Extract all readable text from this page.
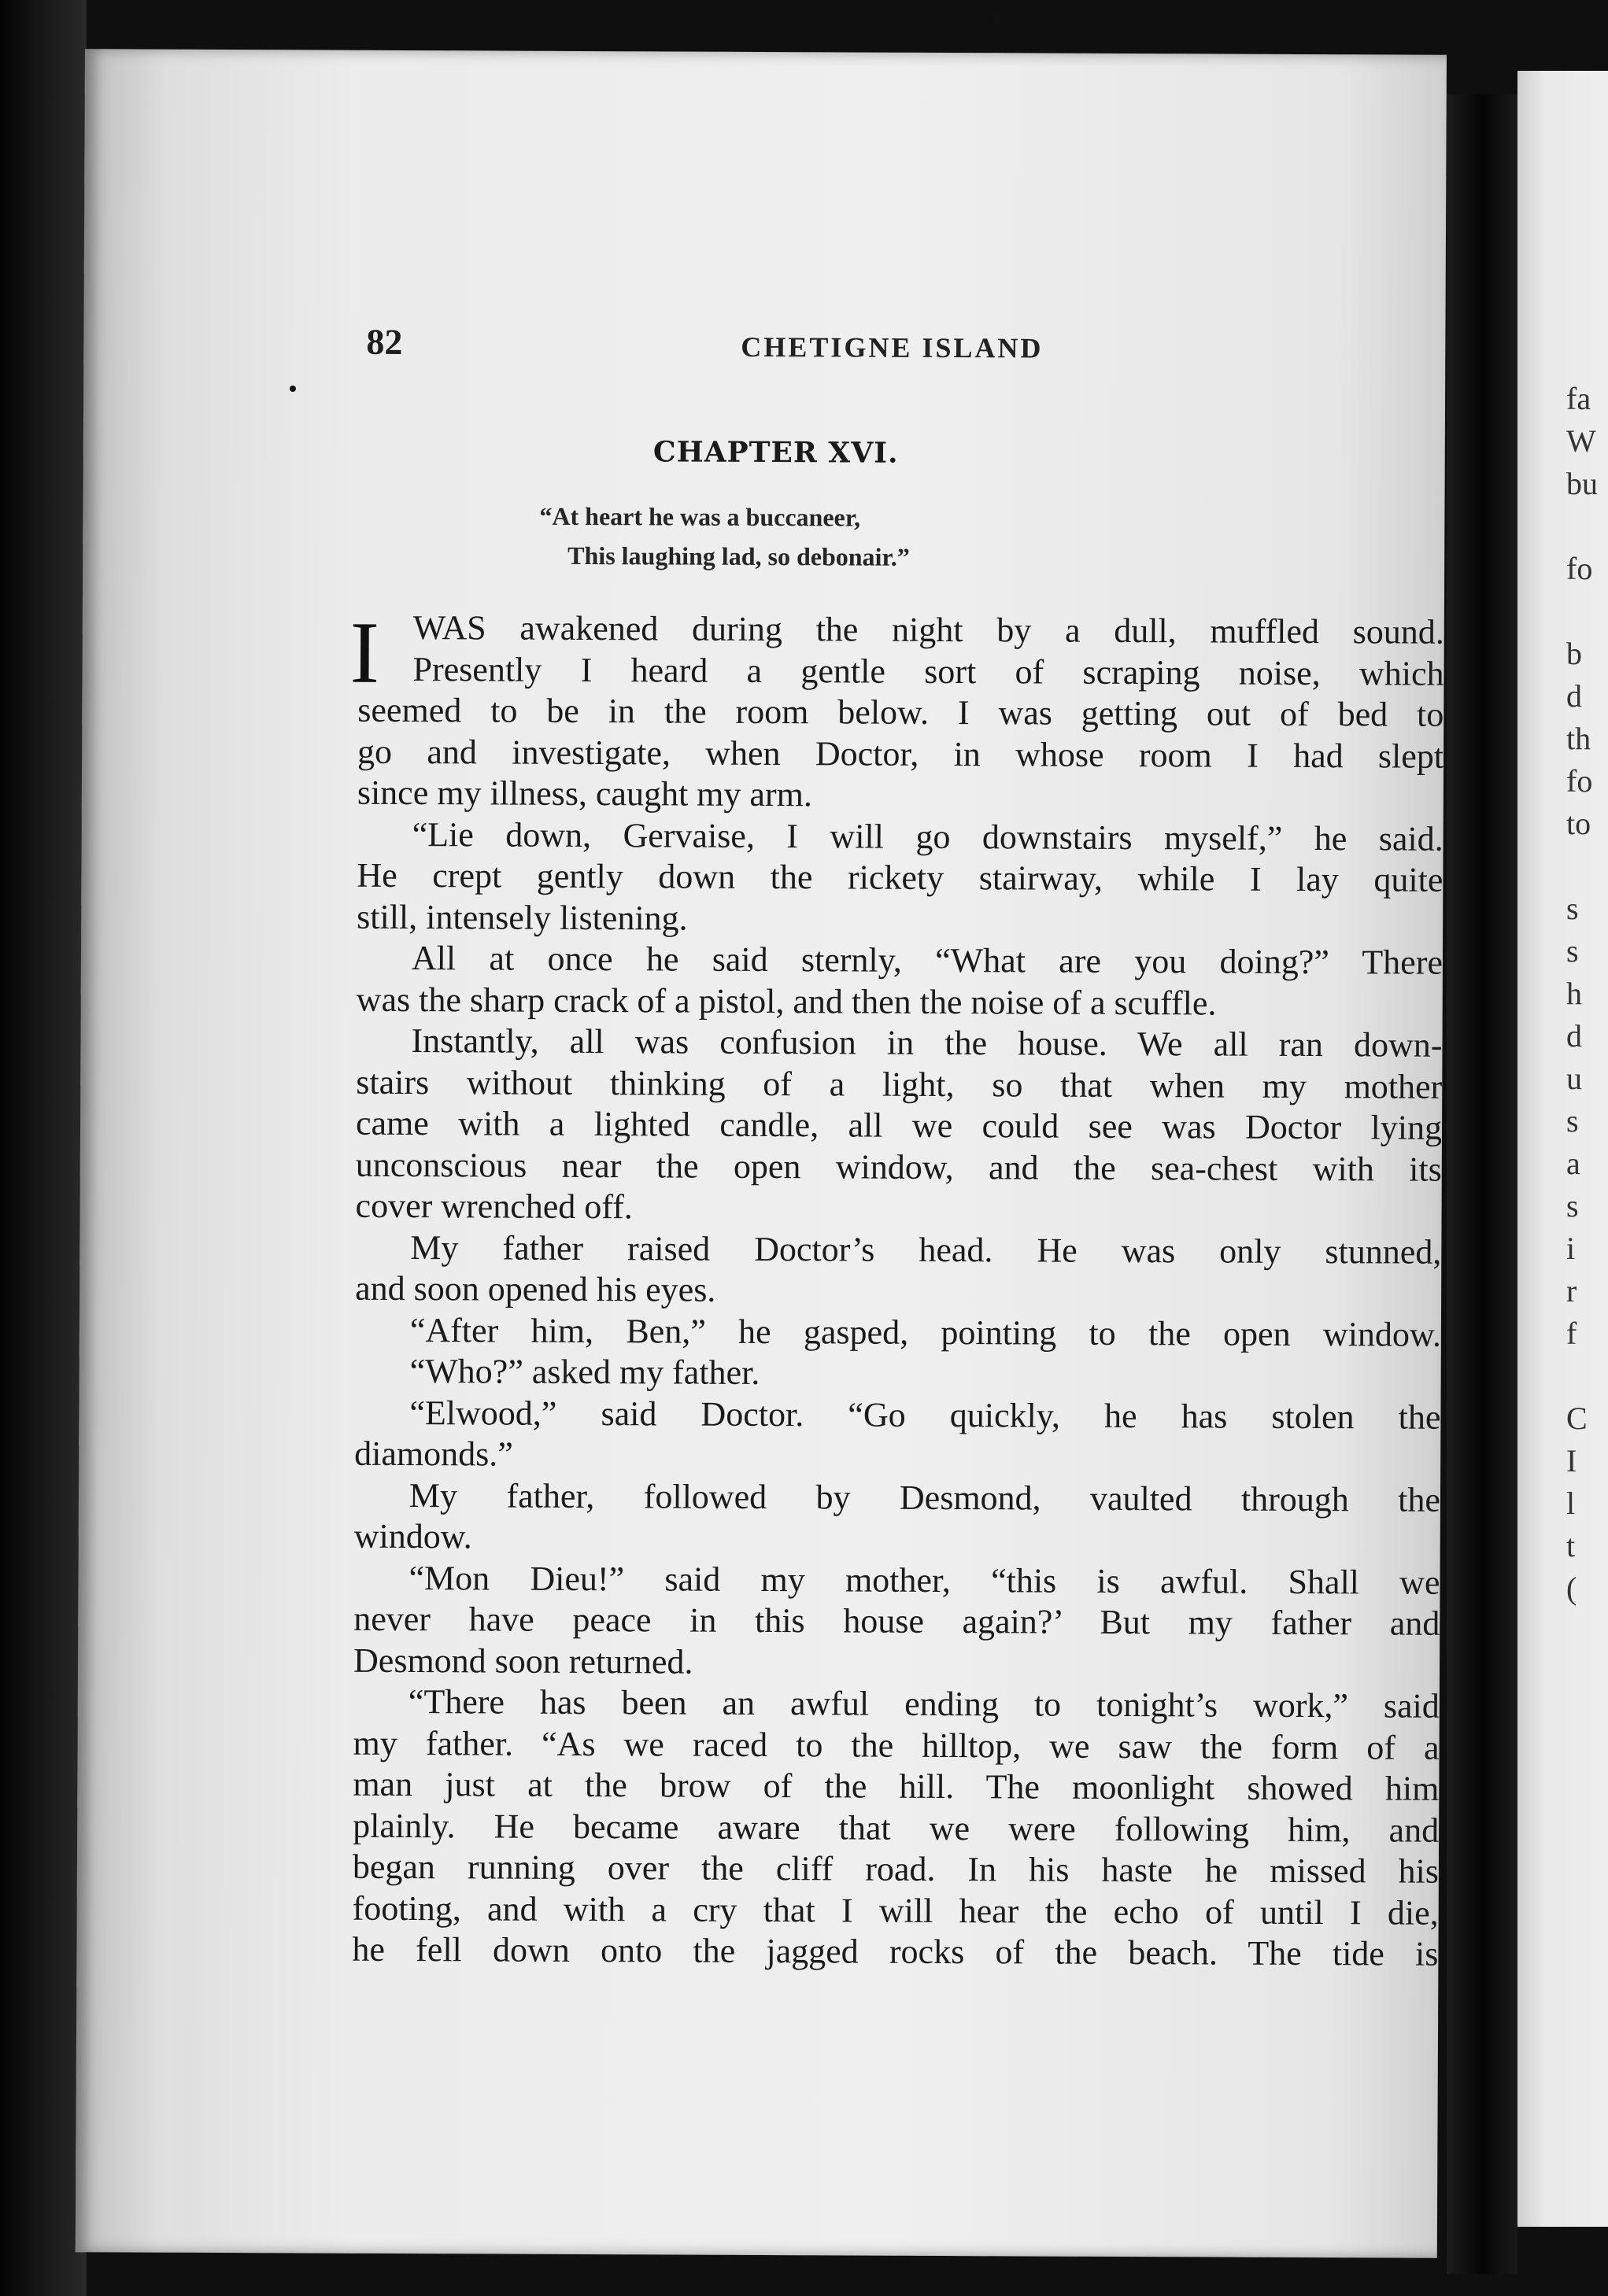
82	CHETIGNE ISLAND
CHAPTER XVI.
“At heart he was a buccaneer,
This laughing lad, so debonair.”
I WAS awakened during the night by a dull, muffled sound.
Presently I heard a gentle sort of scraping noise, which
seemed to be in the room below. I was getting out of bed to
go and investigate, when Doctor, in whose room I had slept
since my illness, caught my arm.
“Lie down, Gervaise, I will go downstairs myself,” he said.
He crept gently down the rickety stairway, while I lay quite
still, intensely listening.
All at once he said sternly, “What are you doing?” There
was the sharp crack of a pistol, and then the noise of a scuffle.
Instantly, all was confusion in the house. We all ran down-
stairs without thinking of a light, so that when my mother
came with a lighted candle, all we could see was Doctor lying
unconscious near the open window, and the sea-chest with its
cover wrenched off.
My father raised Doctor’s head. He was only stunned,
and soon opened his eyes.
“After him, Ben,” he gasped, pointing to the open window.
“Who?” asked my father.
“Elwood,” said Doctor. “Go quickly, he has stolen the
diamonds.”
My father, followed by Desmond, vaulted through the
window.
“Mon Dieu!” said my mother, “this is awful. Shall we
never have peace in this house again?’ But my father and
Desmond soon returned.
“There has been an awful ending to tonight’s work,” said
my father. “As we raced to the hilltop, we saw the form of a
man just at the brow of the hill. The moonlight showed him
plainly. He became aware that we were following him, and
began running over the cliff road. In his haste he missed his
footing, and with a cry that I will hear the echo of until I die,
he fell down onto the jagged rocks of the beach. The tide is
fa
W
bu

fo

b
d
th
fo
to

s
s
h
d
u
s
a
s
i
r
f

C
I
l
t
(
